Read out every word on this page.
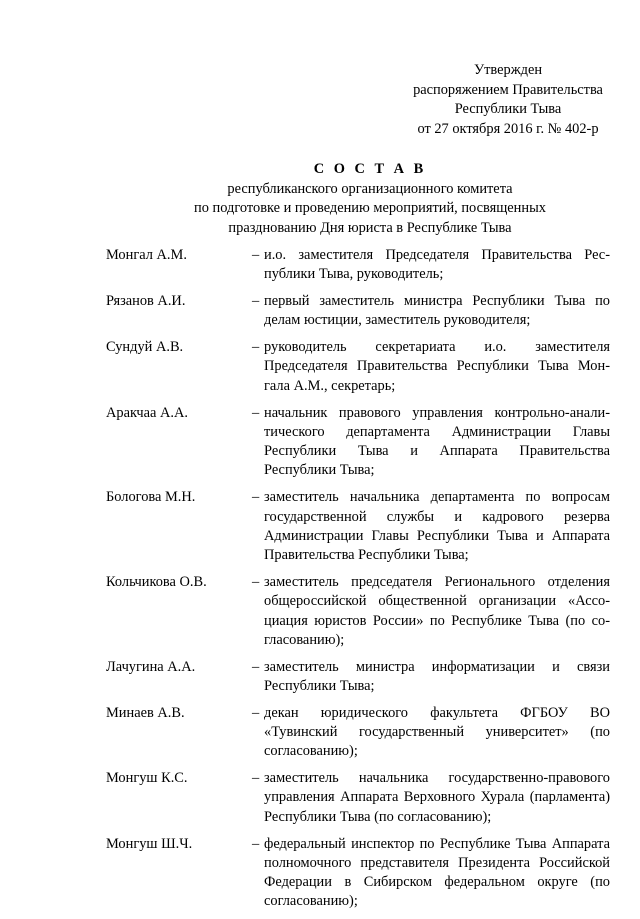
Утвержден
распоряжением Правительства
Республики Тыва
от 27 октября 2016 г. № 402-р
С О С Т А В
республиканского организационного комитета
по подготовке и проведению мероприятий, посвященных
празднованию Дня юриста в Республике Тыва
Монгал А.М.	– и.о. заместителя Председателя Правительства Рес-публики Тыва, руководитель;
Рязанов А.И.	– первый заместитель министра Республики Тыва по делам юстиции, заместитель руководителя;
Сундуй А.В.	– руководитель секретариата и.о. заместителя Председателя Правительства Республики Тыва Мон-гала А.М., секретарь;
Аракчаа А.А.	– начальник правового управления контрольно-анали-тического департамента Администрации Главы Республики Тыва и Аппарата Правительства Республики Тыва;
Бологова М.Н.	– заместитель начальника департамента по вопросам государственной службы и кадрового резерва Администрации Главы Республики Тыва и Аппарата Правительства Республики Тыва;
Кольчикова О.В.	– заместитель председателя Регионального отделения общероссийской общественной организации «Ассо-циация юристов России» по Республике Тыва (по со-гласованию);
Лачугина А.А.	– заместитель министра информатизации и связи Республики Тыва;
Минаев А.В.	– декан юридического факультета ФГБОУ ВО «Тувинский государственный университет» (по согласованию);
Монгуш К.С.	– заместитель начальника государственно-правового управления Аппарата Верховного Хурала (парламента) Республики Тыва (по согласованию);
Монгуш Ш.Ч.	– федеральный инспектор по Республике Тыва Аппарата полномочного представителя Президента Российской Федерации в Сибирском федеральном округе (по согласованию);
